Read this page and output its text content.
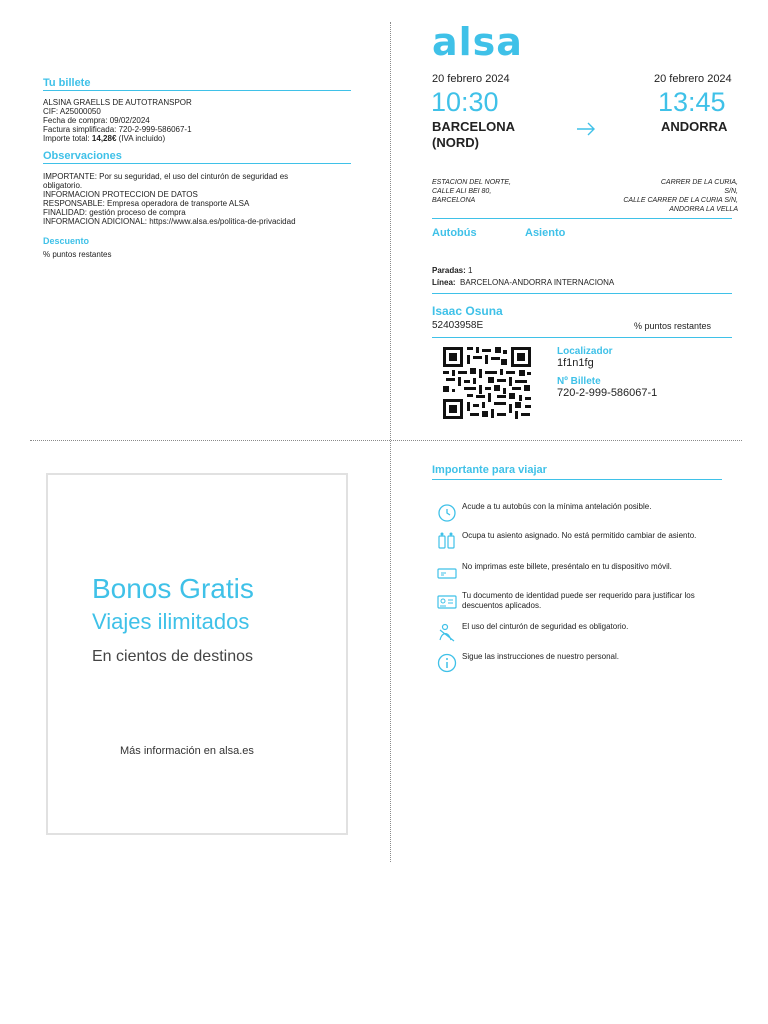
Tu billete
ALSINA GRAELLS DE AUTOTRANSPOR
CIF: A25000050
Fecha de compra: 09/02/2024
Factura simplificada: 720-2-999-586067-1
Importe total: 14,28€ (IVA incluido)
Observaciones
IMPORTANTE: Por su seguridad, el uso del cinturón de seguridad es
obligatorio.
INFORMACION PROTECCION DE DATOS
RESPONSABLE: Empresa operadora de transporte ALSA
FINALIDAD: gestión proceso de compra
INFORMACION ADICIONAL: https://www.alsa.es/politica-de-privacidad
Descuento
% puntos restantes
alsa
20 febrero 2024	20 febrero 2024
10:30	13:45
BARCELONA
(NORD)
ANDORRA
ESTACION DEL NORTE,
CALLE ALI BEI 80,
BARCELONA
CARRER DE LA CURIA,
S/N,
CALLE CARRER DE LA CURIA S/N,
ANDORRA LA VELLA
Autobús	Asiento
Paradas: 1
Línea: BARCELONA-ANDORRA INTERNACIONA
Isaac Osuna
52403958E	% puntos restantes
Localizador
1f1n1fg
Nº Billete
720-2-999-586067-1
Bonos Gratis
Viajes ilimitados
En cientos de destinos
Más información en alsa.es
Importante para viajar
Acude a tu autobús con la mínima antelación posible.
Ocupa tu asiento asignado. No está permitido cambiar de asiento.
No imprimas este billete, preséntalo en tu dispositivo móvil.
Tu documento de identidad puede ser requerido para justificar los descuentos aplicados.
El uso del cinturón de seguridad es obligatorio.
Sigue las instrucciones de nuestro personal.
